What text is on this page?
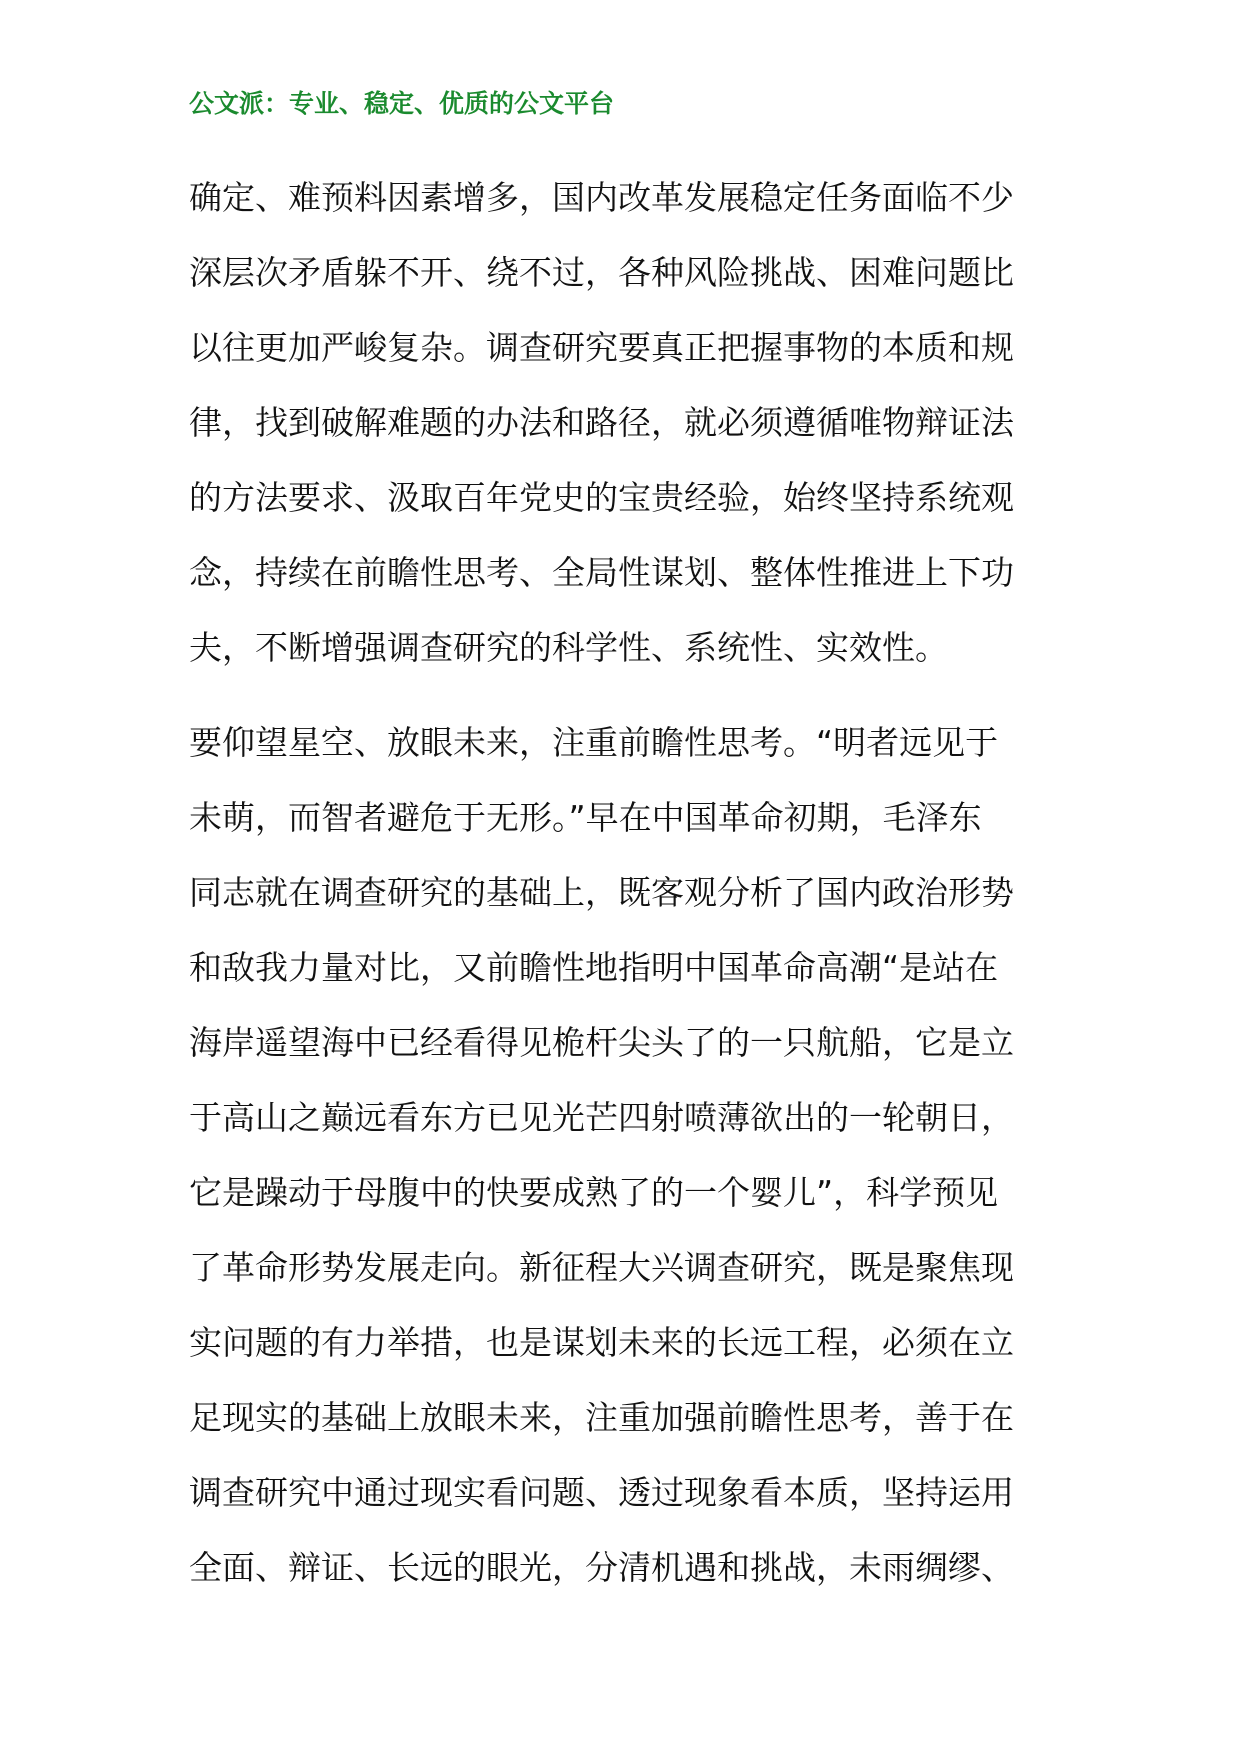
公文派：专业、稳定、优质的公文平台
确定、难预料因素增多，国内改革发展稳定任务面临不少
深层次矛盾躲不开、绕不过，各种风险挑战、困难问题比
以往更加严峻复杂。调查研究要真正把握事物的本质和规
律，找到破解难题的办法和路径，就必须遵循唯物辩证法
的方法要求、汲取百年党史的宝贵经验，始终坚持系统观
念，持续在前瞻性思考、全局性谋划、整体性推进上下功
夫，不断增强调查研究的科学性、系统性、实效性。
要仰望星空、放眼未来，注重前瞻性思考。“明者远见于
未萌，而智者避危于无形。”早在中国革命初期，毛泽东
同志就在调查研究的基础上，既客观分析了国内政治形势
和敌我力量对比，又前瞻性地指明中国革命高潮“是站在
海岸遥望海中已经看得见桅杆尖头了的一只航船，它是立
于高山之巅远看东方已见光芒四射喷薄欲出的一轮朝日，
它是躁动于母腹中的快要成熟了的一个婴儿”，科学预见
了革命形势发展走向。新征程大兴调查研究，既是聚焦现
实问题的有力举措，也是谋划未来的长远工程，必须在立
足现实的基础上放眼未来，注重加强前瞻性思考，善于在
调查研究中通过现实看问题、透过现象看本质，坚持运用
全面、辩证、长远的眼光，分清机遇和挑战，未雨绸缪、
